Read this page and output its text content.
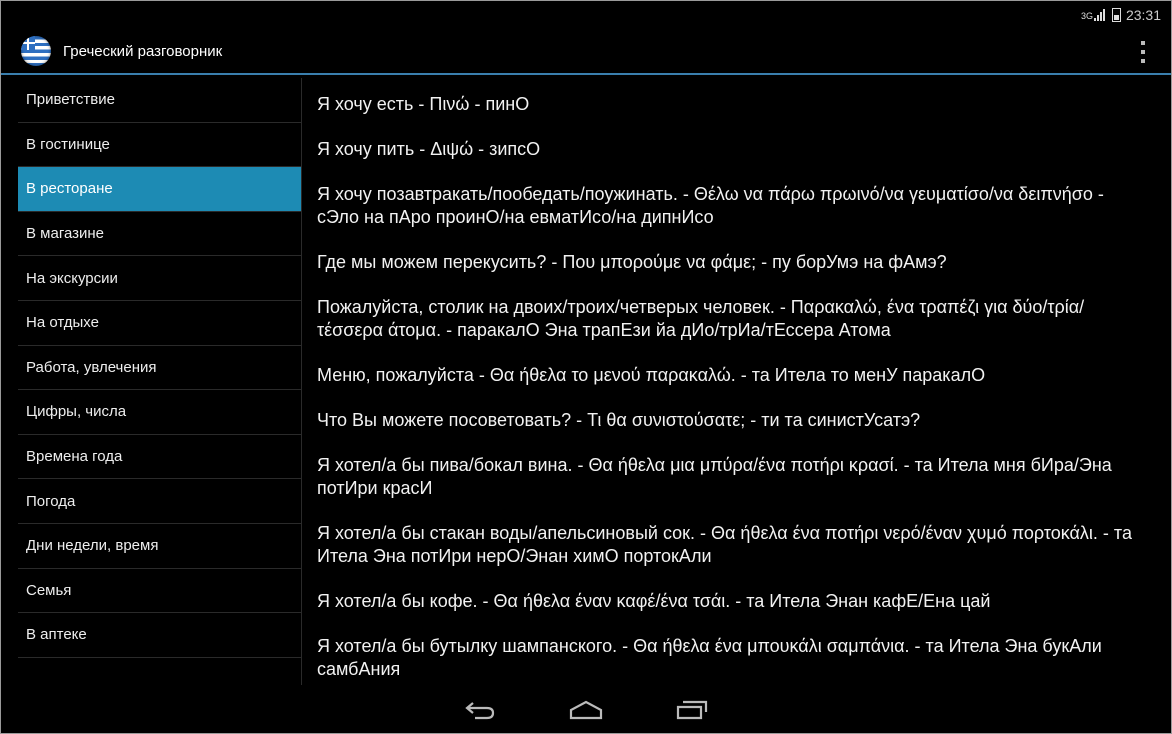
3G 23:31
Греческий разговорник
Приветствие
В гостинице
В ресторане
В магазине
На экскурсии
На отдыхе
Работа, увлечения
Цифры, числа
Времена года
Погода
Дни недели, время
Семья
В аптеке
Я хочу есть - Πινώ - пинО
Я хочу пить - Διψώ - зипсО
Я хочу позавтракать/пообедать/поужинать. - Θέλω να πάρω πρωινό/να γευματίσο/να δειπνήσο - сЭло на пАро проинО/на евматИсо/на дипнИсо
Где мы можем перекусить? - Που μπορούμε να φάμε; - пу борУмэ на фАмэ?
Пожалуйста, столик на двоих/троих/четверых человек. - Παρακαλώ, ένα τραπέζι για δύο/τρία/τέσσερα άτομα. - паракалО Эна трапЕзи йа дИо/трИа/тЕссера Атома
Меню, пожалуйста - Θα ήθελα το μενού παρακαλώ. - та Итела то менУ паракалО
Что Вы можете посоветовать? - Τι θα συνιστούσατε; - ти та синистУсатэ?
Я хотел/а бы пива/бокал вина. - Θα ήθελα μια μπύρα/ένα ποτήρι κρασί. - та Итела мня бИра/Эна потИри красИ
Я хотел/а бы стакан воды/апельсиновый сок. - Θα ήθελα ένα ποτήρι νερό/έναν χυμό πορτοκάλι. - та Итела Эна потИри нерО/Энан химО портокАли
Я хотел/а бы кофе. - Θα ήθελα έναν καφέ/ένα τσάι. - та Итела Энан кафЕ/Ена цай
Я хотел/а бы бутылку шампанского. - Θα ήθελα ένα μπουκάλι σαμπάνια. - та Итела Эна букАли самбАния
